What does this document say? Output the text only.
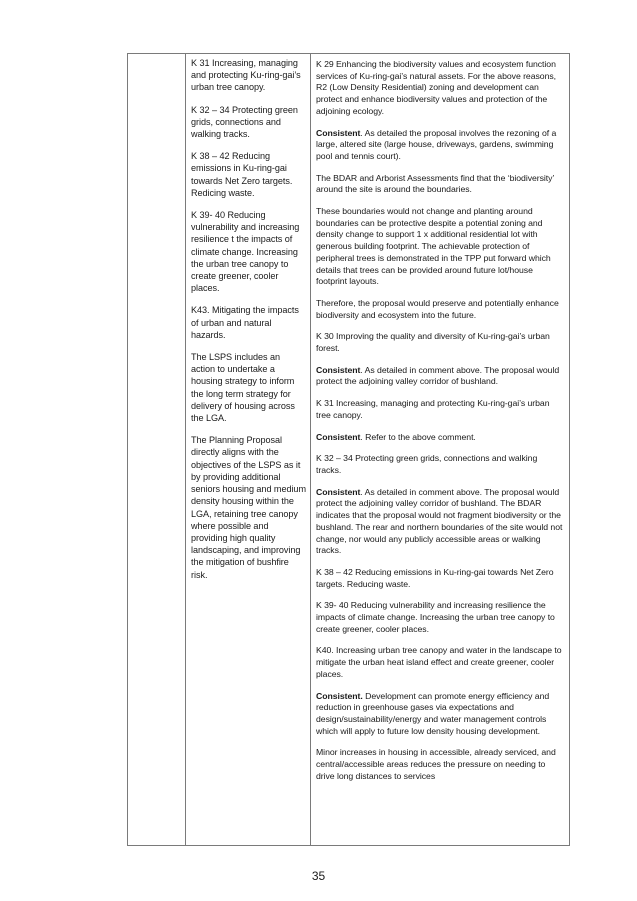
K 31 Increasing, managing and protecting Ku-ring-gai’s urban tree canopy.

K 32 – 34 Protecting green grids, connections and walking tracks.

K 38 – 42 Reducing emissions in Ku-ring-gai towards Net Zero targets. Redicing waste.

K 39- 40 Reducing vulnerability and increasing resilience t the impacts of climate change. Increasing the urban tree canopy to create greener, cooler places.

K43. Mitigating the impacts of urban and natural hazards.

The LSPS includes an action to undertake a housing strategy to inform the long term strategy for delivery of housing across the LGA.

The Planning Proposal directly aligns with the objectives of the LSPS as it by providing additional seniors housing and medium density housing within the LGA, retaining tree canopy where possible and providing high quality landscaping, and improving the mitigation of bushfire risk.

K 29 Enhancing the biodiversity values and ecosystem function services of Ku-ring-gai’s natural assets. For the above reasons, R2 (Low Density Residential) zoning and development can protect and enhance biodiversity values and protection of the adjoining ecology.

Consistent. As detailed the proposal involves the rezoning of a large, altered site (large house, driveways, gardens, swimming pool and tennis court).

The BDAR and Arborist Assessments find that the ‘biodiversity’ around the site is around the boundaries.

These boundaries would not change and planting around boundaries can be protective despite a potential zoning and density change to support 1 x additional residential lot with generous building footprint. The achievable protection of peripheral trees is demonstrated in the TPP put forward which details that trees can be provided around future lot/house footprint layouts.

Therefore, the proposal would preserve and potentially enhance biodiversity and ecosystem into the future.

K 30 Improving the quality and diversity of Ku-ring-gai’s urban forest.

Consistent. As detailed in comment above. The proposal would protect the adjoining valley corridor of bushland.

K 31 Increasing, managing and protecting Ku-ring-gai’s urban tree canopy.

Consistent. Refer to the above comment.

K 32 – 34 Protecting green grids, connections and walking tracks.

Consistent. As detailed in comment above. The proposal would protect the adjoining valley corridor of bushland. The BDAR indicates that the proposal would not fragment biodiversity or the bushland. The rear and northern boundaries of the site would not change, nor would any publicly accessible areas or walking tracks.

K 38 – 42 Reducing emissions in Ku-ring-gai towards Net Zero targets. Reducing waste.

K 39- 40 Reducing vulnerability and increasing resilience the impacts of climate change. Increasing the urban tree canopy to create greener, cooler places.

K40. Increasing urban tree canopy and water in the landscape to mitigate the urban heat island effect and create greener, cooler places.

Consistent. Development can promote energy efficiency and reduction in greenhouse gases via expectations and design/sustainability/energy and water management controls which will apply to future low density housing development.

Minor increases in housing in accessible, already serviced, and central/accessible areas reduces the pressure on needing to drive long distances to services

35
